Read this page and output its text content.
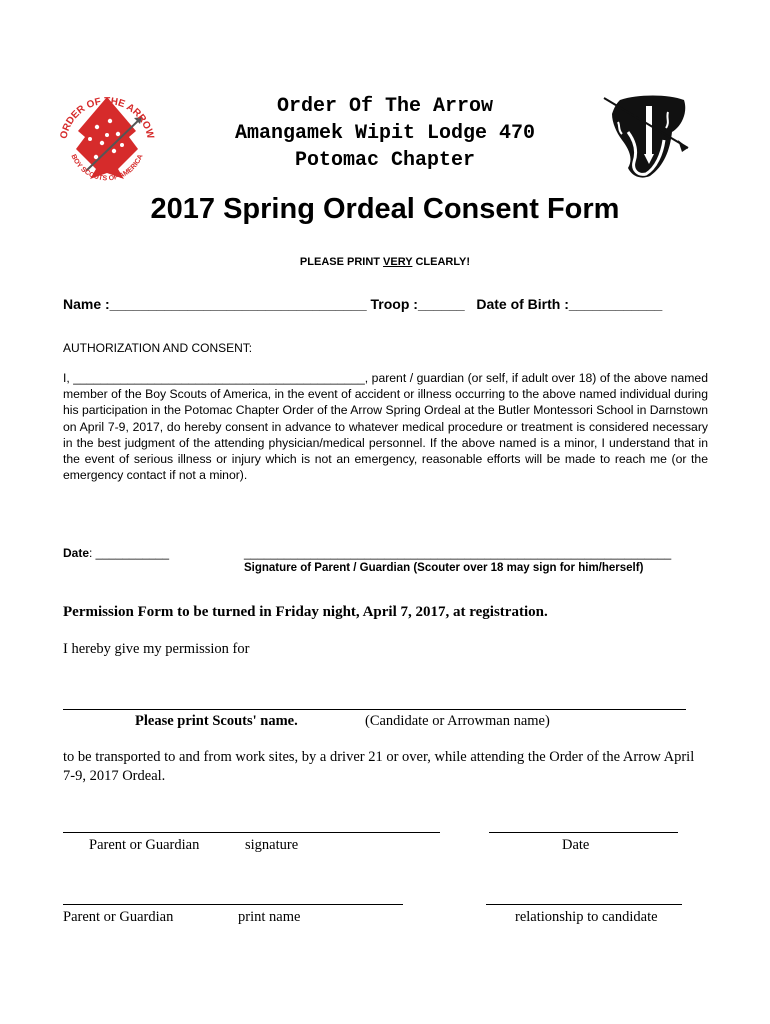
ORDER OF THE ARROW
BOY SCOUTS OF AMERICA
Order Of The Arrow
Amangamek Wipit Lodge 470
Potomac Chapter
2017 Spring Ordeal Consent Form
PLEASE PRINT VERY CLEARLY!
Name :_________________________________ Troop :______ Date of Birth :____________
AUTHORIZATION AND CONSENT:
I, ___________________________________________, parent / guardian (or self, if adult over 18) of the above named member of the Boy Scouts of America, in the event of accident or illness occurring to the above named individual during his participation in the Potomac Chapter Order of the Arrow Spring Ordeal at the Butler Montessori School in Darnstown on April 7-9, 2017, do hereby consent in advance to whatever medical procedure or treatment is considered necessary in the best judgment of the attending physician/medical personnel. If the above named is a minor, I understand that in the event of serious illness or injury which is not an emergency, reasonable efforts will be made to reach me (or the emergency contact if not a minor).
Date: ___________	________________________________________________________________
Signature of Parent / Guardian (Scouter over 18 may sign for him/herself)
Permission Form to be turned in Friday night, April 7, 2017, at registration.
I hereby give my permission for
Please print Scouts' name.	(Candidate or Arrowman name)
to be transported to and from work sites, by a driver 21 or over, while attending the Order of the Arrow April 7-9, 2017 Ordeal.
Parent or Guardian	signature	Date
Parent or Guardian	print name	relationship to candidate
